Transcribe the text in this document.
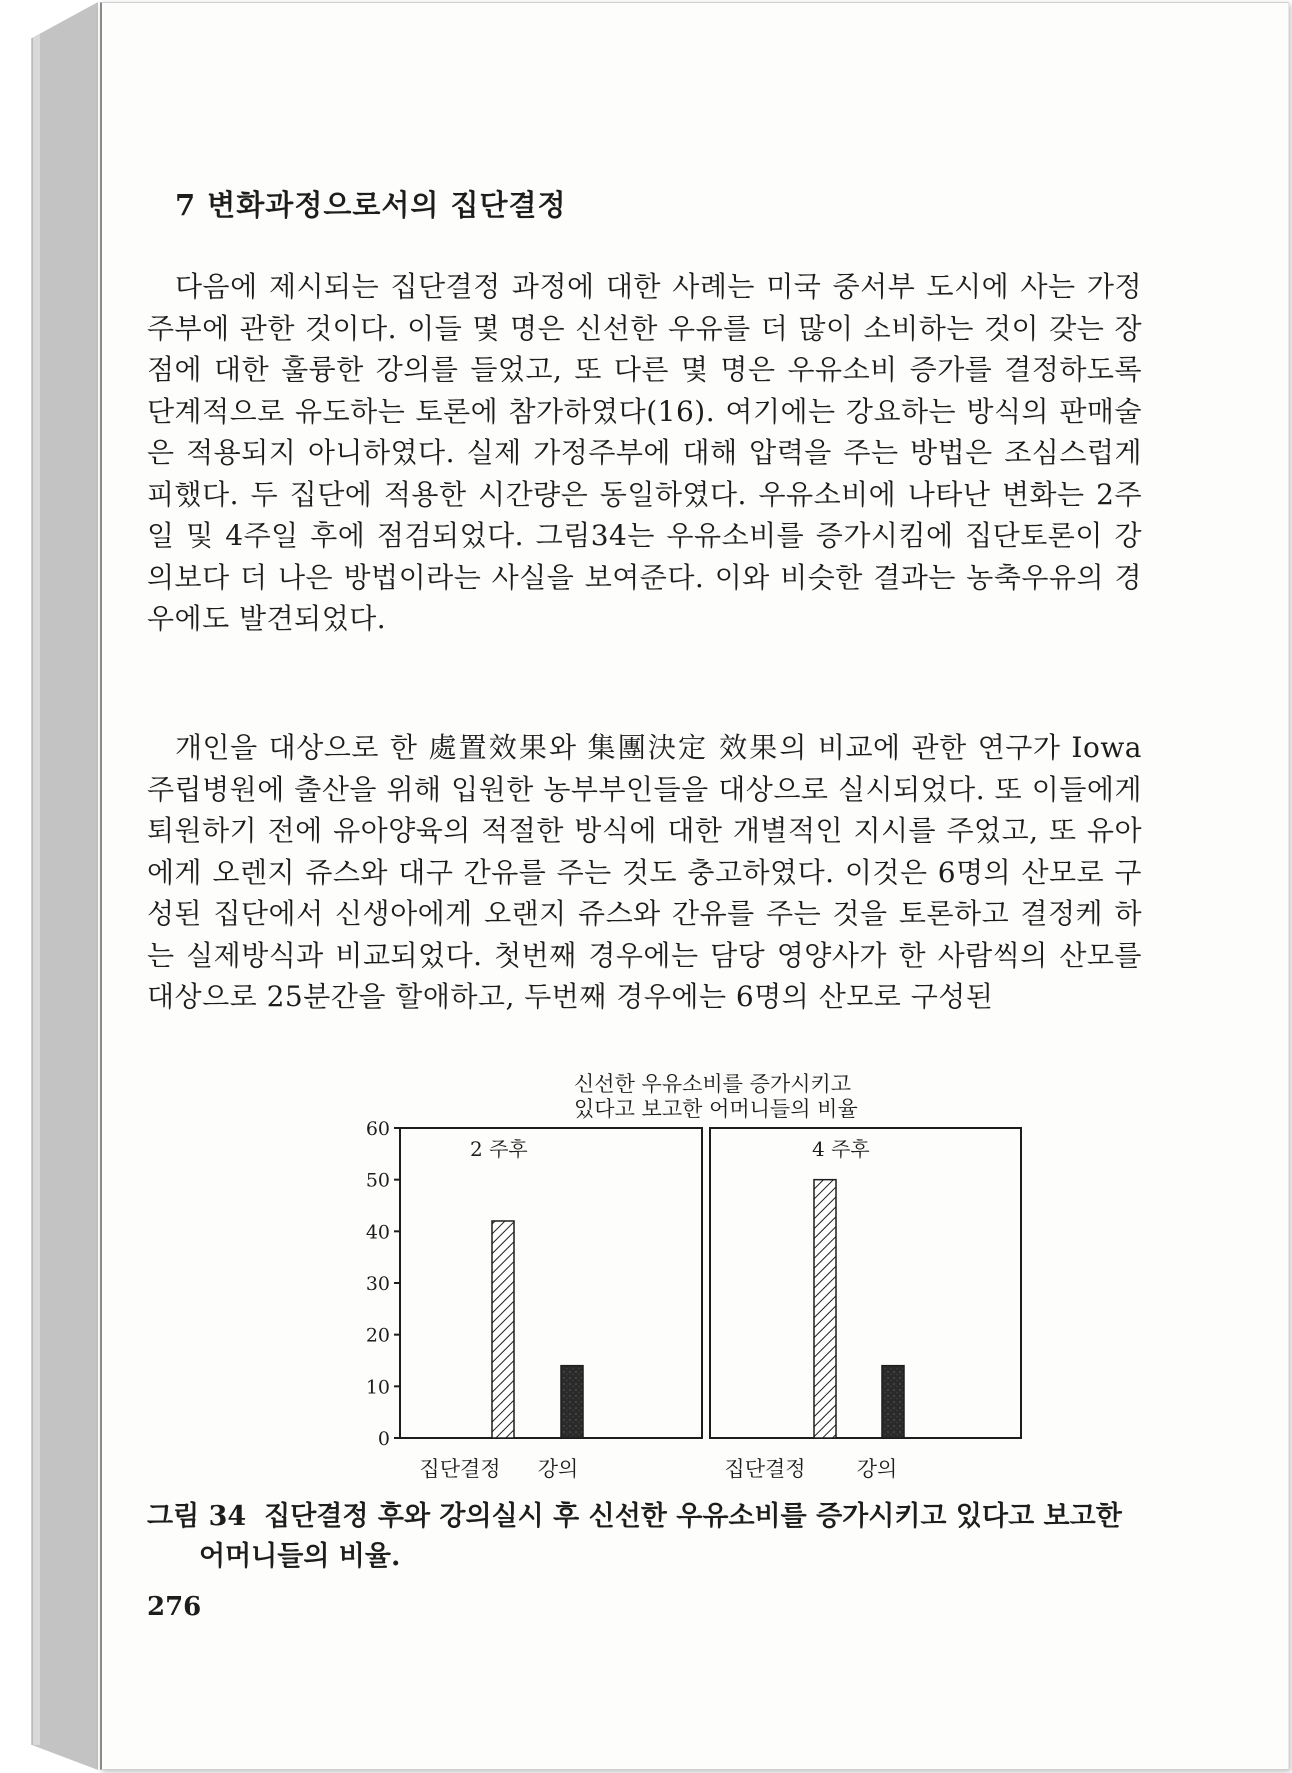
7 변화과정으로서의 집단결정

다음에 제시되는 집단결정 과정에 대한 사례는 미국 중서부 도시에 사는 가정주부에 관한 것이다. 이들 몇 명은 신선한 우유를 더 많이 소비하는 것이 갖는 장점에 대한 훌륭한 강의를 들었고, 또 다른 몇 명은 우유소비 증가를 결정하도록 단계적으로 유도하는 토론에 참가하였다(16). 여기에는 강요하는 방식의 판매술은 적용되지 아니하였다. 실제 가정주부에 대해 압력을 주는 방법은 조심스럽게 피했다. 두 집단에 적용한 시간량은 동일하였다. 우유소비에 나타난 변화는 2주일 및 4주일 후에 점검되었다. 그림34는 우유소비를 증가시킴에 집단토론이 강의보다 더 나은 방법이라는 사실을 보여준다. 이와 비슷한 결과는 농축우유의 경우에도 발견되었다.

개인을 대상으로 한 處置效果와 集團決定 效果의 비교에 관한 연구가 Iowa 주립병원에 출산을 위해 입원한 농부부인들을 대상으로 실시되었다. 또 이들에게 퇴원하기 전에 유아양육의 적절한 방식에 대한 개별적인 지시를 주었고, 또 유아에게 오렌지 쥬스와 대구 간유를 주는 것도 충고하였다. 이것은 6명의 산모로 구성된 집단에서 신생아에게 오랜지 쥬스와 간유를 주는 것을 토론하고 결정케 하는 실제방식과 비교되었다. 첫번째 경우에는 담당 영양사가 한 사람씩의 산모를 대상으로 25분간을 할애하고, 두번째 경우에는 6명의 산모로 구성된

신선한 우유소비를 증가시키고
있다고 보고한 어머니들의 비율
0
10
20
30
40
50
60
2 주후
집단결정 강의
4 주후
집단결정 강의

그림 34 집단결정 후와 강의실시 후 신선한 우유소비를 증가시키고 있다고 보고한 어머니들의 비율.

276
